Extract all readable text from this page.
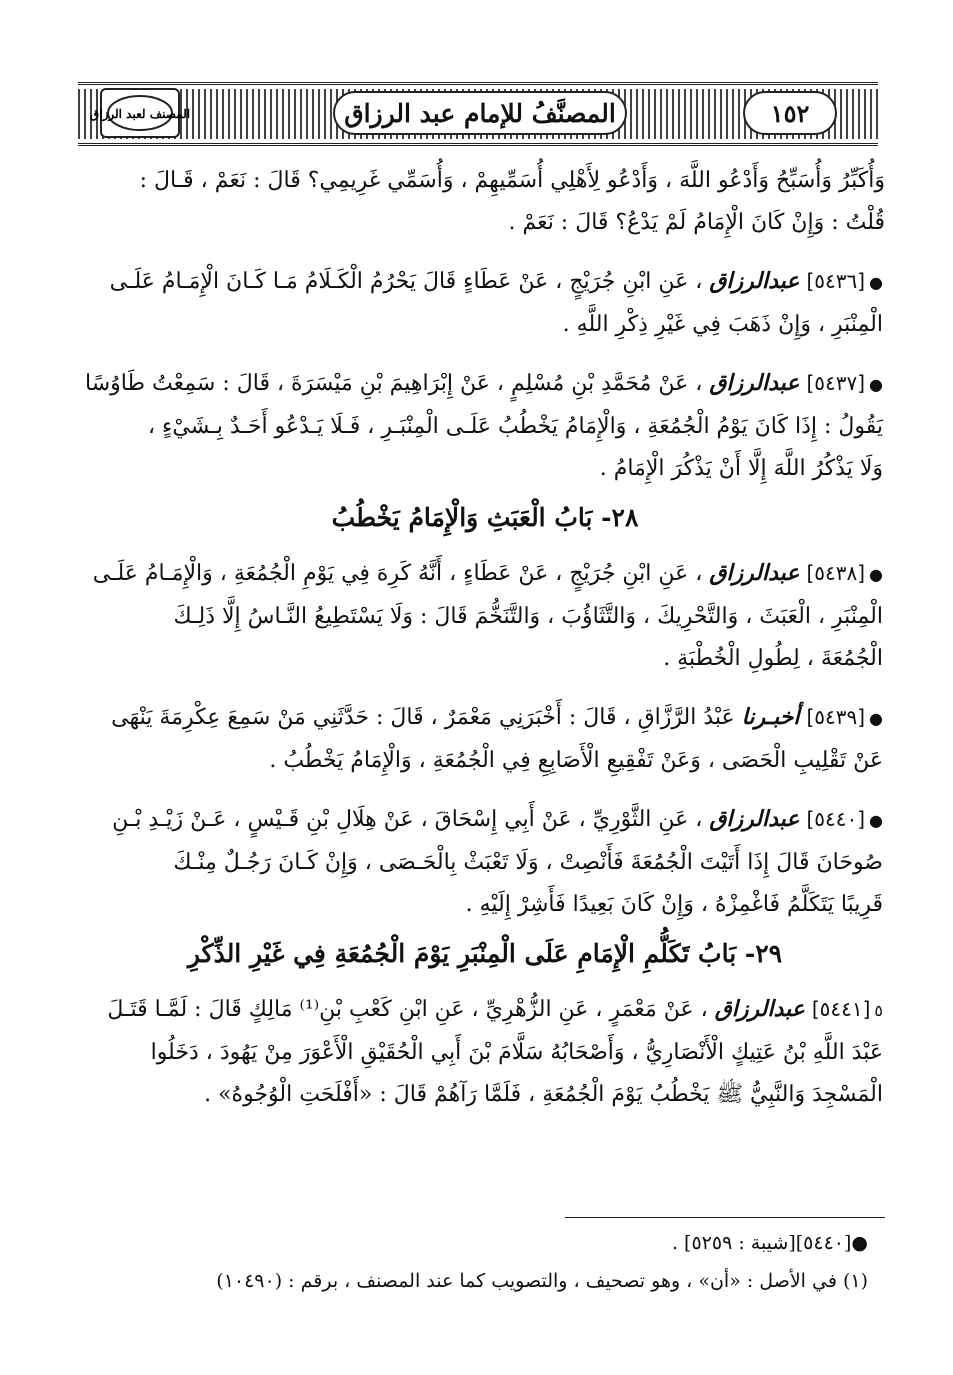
المصنف لعبد الرزاق	المصنَّفُ للإمام عبد الرزاق	١٥٢

وَأُكَبِّرُ وَأُسَبِّحُ وَأَدْعُو اللَّهَ ، وَأَدْعُو لِأَهْلِي أُسَمِّيهِمْ ، وَأُسَمِّي غَرِيمِي؟ قَالَ : نَعَمْ ، قَـالَ :

قُلْتُ : وَإِنْ كَانَ الْإِمَامُ لَمْ يَدْعُ؟ قَالَ : نَعَمْ .

●[٥٤٣٦] عبدالرزاق ، عَنِ ابْنِ جُرَيْجٍ ، عَنْ عَطَاءٍ قَالَ يَحْرُمُ الْكَـلَامُ مَـا كَـانَ الْإِمَـامُ عَلَـى
الْمِنْبَرِ ، وَإِنْ ذَهَبَ فِي غَيْرِ ذِكْرِ اللَّهِ .
●[٥٤٣٧] عبدالرزاق ، عَنْ مُحَمَّدِ بْنِ مُسْلِمٍ ، عَنْ إِبْرَاهِيمَ بْنِ مَيْسَرَةَ ، قَالَ : سَمِعْتُ طَاوُسًا
يَقُولُ : إِذَا كَانَ يَوْمُ الْجُمُعَةِ ، وَالْإِمَامُ يَخْطُبُ عَلَـى الْمِنْبَـرِ ، فَـلَا يَـدْعُو أَحَـدٌ بِـشَيْءٍ ،
وَلَا يَذْكُرُ اللَّهَ إِلَّا أَنْ يَذْكُرَ الْإِمَامُ .
٢٨- بَابُ الْعَبَثِ وَالْإِمَامُ يَخْطُبُ
●[٥٤٣٨] عبدالرزاق ، عَنِ ابْنِ جُرَيْجٍ ، عَنْ عَطَاءٍ ، أَنَّهُ كَرِهَ فِي يَوْمِ الْجُمُعَةِ ، وَالْإِمَـامُ عَلَـى
الْمِنْبَرِ ، الْعَبَثَ ، وَالتَّحْرِيكَ ، وَالتَّثَاؤُبَ ، وَالتَّنَخُّمَ قَالَ : وَلَا يَسْتَطِيعُ النَّـاسُ إِلَّا ذَلِـكَ
الْجُمُعَةَ ، لِطُولِ الْخُطْبَةِ .
●[٥٤٣٩] أخبـرنا عَبْدُ الرَّزَّاقِ ، قَالَ : أَخْبَرَنِي مَعْمَرٌ ، قَالَ : حَدَّثَنِي مَنْ سَمِعَ عِكْرِمَةَ يَنْهَى
عَنْ تَقْلِيبِ الْحَصَى ، وَعَنْ تَفْقِيعِ الْأَصَابِعِ فِي الْجُمُعَةِ ، وَالْإِمَامُ يَخْطُبُ .
●[٥٤٤٠] عبدالرزاق ، عَنِ الثَّوْرِيِّ ، عَنْ أَبِي إِسْحَاقَ ، عَنْ هِلَالِ بْنِ قَـيْسٍ ، عَـنْ زَيْـدِ بْـنِ
صُوحَانَ قَالَ إِذَا أَتَيْتَ الْجُمُعَةَ فَأَنْصِتْ ، وَلَا تَعْبَثْ بِالْحَـصَى ، وَإِنْ كَـانَ رَجُـلٌ مِنْـكَ
قَرِيبًا يَتَكَلَّمُ فَاغْمِزْهُ ، وَإِنْ كَانَ بَعِيدًا فَأَشِرْ إِلَيْهِ .
٢٩- بَابُ تَكَلُّمِ الْإِمَامِ عَلَى الْمِنْبَرِ يَوْمَ الْجُمُعَةِ فِي غَيْرِ الذِّكْرِ
٥[٥٤٤١] عبدالرزاق ، عَنْ مَعْمَرٍ ، عَنِ الزُّهْرِيِّ ، عَنِ ابْنِ كَعْبِ بْنِ⁽¹⁾ مَالِكٍ قَالَ : لَمَّـا قَتَـلَ
عَبْدَ اللَّهِ بْنُ عَتِيكٍ الْأَنْصَارِيُّ ، وَأَصْحَابُهُ سَلَّامَ بْنَ أَبِي الْحُقَيْقِ الْأَعْوَرَ مِنْ يَهُودَ ، دَخَلُوا
الْمَسْجِدَ وَالنَّبِيُّ ﷺ يَخْطُبُ يَوْمَ الْجُمُعَةِ ، فَلَمَّا رَآهُمْ قَالَ : «أَفْلَحَتِ الْوُجُوهُ» .
●[٥٤٤٠][شيبة : ٥٢٥٩] .
(١) في الأصل : «أن» ، وهو تصحيف ، والتصويب كما عند المصنف ، برقم : (١٠٤٩٠)
